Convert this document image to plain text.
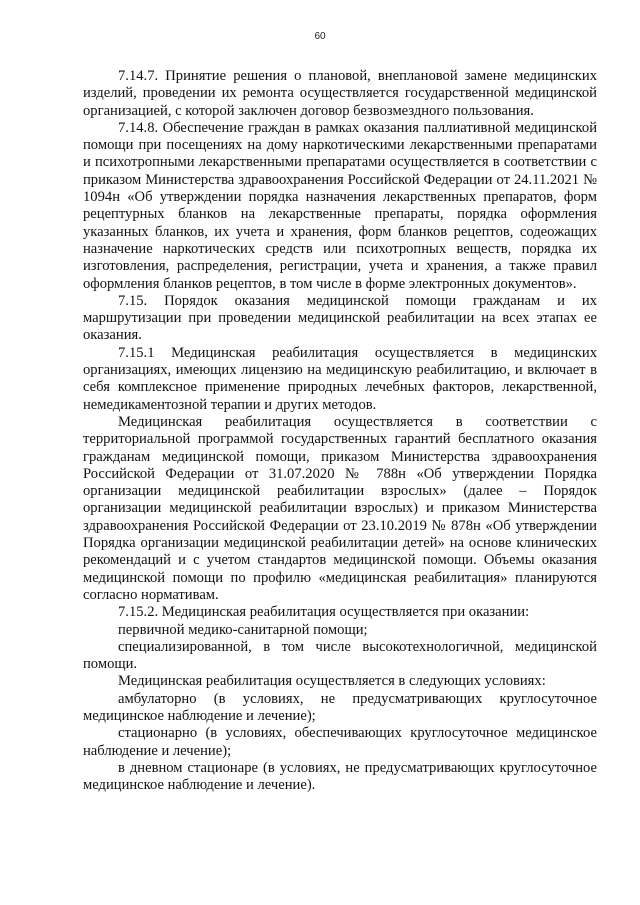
60

7.14.7. Принятие решения о плановой, внеплановой замене медицинских изделий, проведении их ремонта осуществляется государственной медицинской организацией, с которой заключен договор безвозмездного пользования.

7.14.8. Обеспечение граждан в рамках оказания паллиативной медицинской помощи при посещениях на дому наркотическими лекарственными препаратами и психотропными лекарственными препаратами осуществляется в соответствии с приказом Министерства здравоохранения Российской Федерации от 24.11.2021 № 1094н «Об утверждении порядка назначения лекарственных препаратов, форм рецептурных бланков на лекарственные препараты, порядка оформления указанных бланков, их учета и хранения, форм бланков рецептов, содеожащих назначение наркотических средств или психотропных веществ, порядка их изготовления, распределения, регистрации, учета и хранения, а также правил оформления бланков рецептов, в том числе в форме электронных документов».

7.15. Порядок оказания медицинской помощи гражданам и их маршрутизации при проведении медицинской реабилитации на всех этапах ее оказания.

7.15.1 Медицинская реабилитация осуществляется в медицинских организациях, имеющих лицензию на медицинскую реабилитацию, и включает в себя комплексное применение природных лечебных факторов, лекарственной, немедикаментозной терапии и других методов.

Медицинская реабилитация осуществляется в соответствии с территориальной программой государственных гарантий бесплатного оказания гражданам медицинской помощи, приказом Министерства здравоохранения Российской Федерации от 31.07.2020 № 788н «Об утверждении Порядка организации медицинской реабилитации взрослых» (далее – Порядок организации медицинской реабилитации взрослых) и приказом Министерства здравоохранения Российской Федерации от 23.10.2019 № 878н «Об утверждении Порядка организации медицинской реабилитации детей» на основе клинических рекомендаций и с учетом стандартов медицинской помощи. Объемы оказания медицинской помощи по профилю «медицинская реабилитация» планируются согласно нормативам.

7.15.2. Медицинская реабилитация осуществляется при оказании:

первичной медико-санитарной помощи;

специализированной, в том числе высокотехнологичной, медицинской помощи.

Медицинская реабилитация осуществляется в следующих условиях:

амбулаторно (в условиях, не предусматривающих круглосуточное медицинское наблюдение и лечение);

стационарно (в условиях, обеспечивающих круглосуточное медицинское наблюдение и лечение);

в дневном стационаре (в условиях, не предусматривающих круглосуточное медицинское наблюдение и лечение).
